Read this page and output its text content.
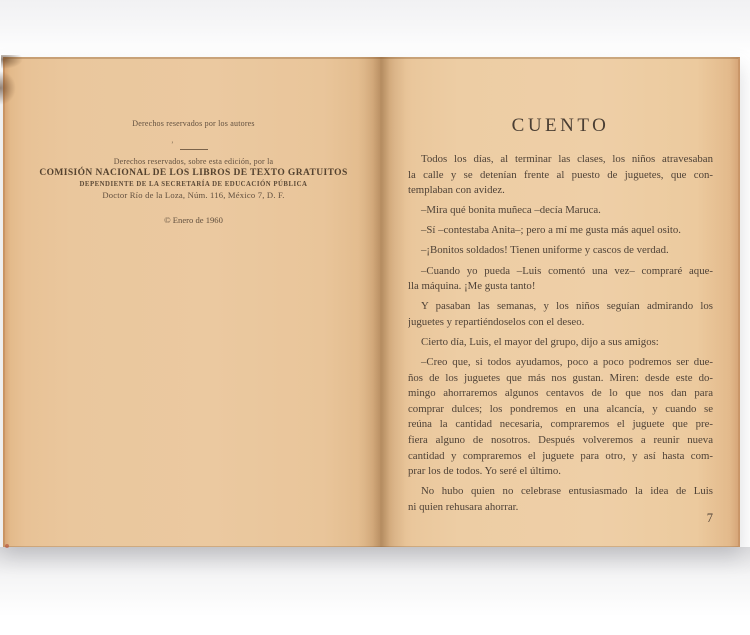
Derechos reservados por los autores
ʼ
Derechos reservados, sobre esta edición, por la
COMISIÓN NACIONAL DE LOS LIBROS DE TEXTO GRATUITOS
DEPENDIENTE DE LA SECRETARÍA DE EDUCACIÓN PÚBLICA
Doctor Río de la Loza, Núm. 116, México 7, D. F.
© Enero de 1960
CUENTO
Todos los días, al terminar las clases, los niños atravesaban
la calle y se detenían frente al puesto de juguetes, que con-
templaban con avidez.
–Mira qué bonita muñeca –decía Maruca.
–Sí –contestaba Anita–; pero a mí me gusta más aquel osito.
–¡Bonitos soldados! Tienen uniforme y cascos de verdad.
–Cuando yo pueda –Luis comentó una vez– compraré aque-
lla máquina. ¡Me gusta tanto!
Y pasaban las semanas, y los niños seguían admirando los
juguetes y repartiéndoselos con el deseo.
Cierto día, Luis, el mayor del grupo, dijo a sus amigos:
–Creo que, si todos ayudamos, poco a poco podremos ser due-
ños de los juguetes que más nos gustan. Miren: desde este do-
mingo ahorraremos algunos centavos de lo que nos dan para
comprar dulces; los pondremos en una alcancía, y cuando se
reúna la cantidad necesaria, compraremos el juguete que pre-
fiera alguno de nosotros. Después volveremos a reunir nueva
cantidad y compraremos el juguete para otro, y así hasta com-
prar los de todos. Yo seré el último.
No hubo quien no celebrase entusiasmado la idea de Luis
ni quien rehusara ahorrar.
7
